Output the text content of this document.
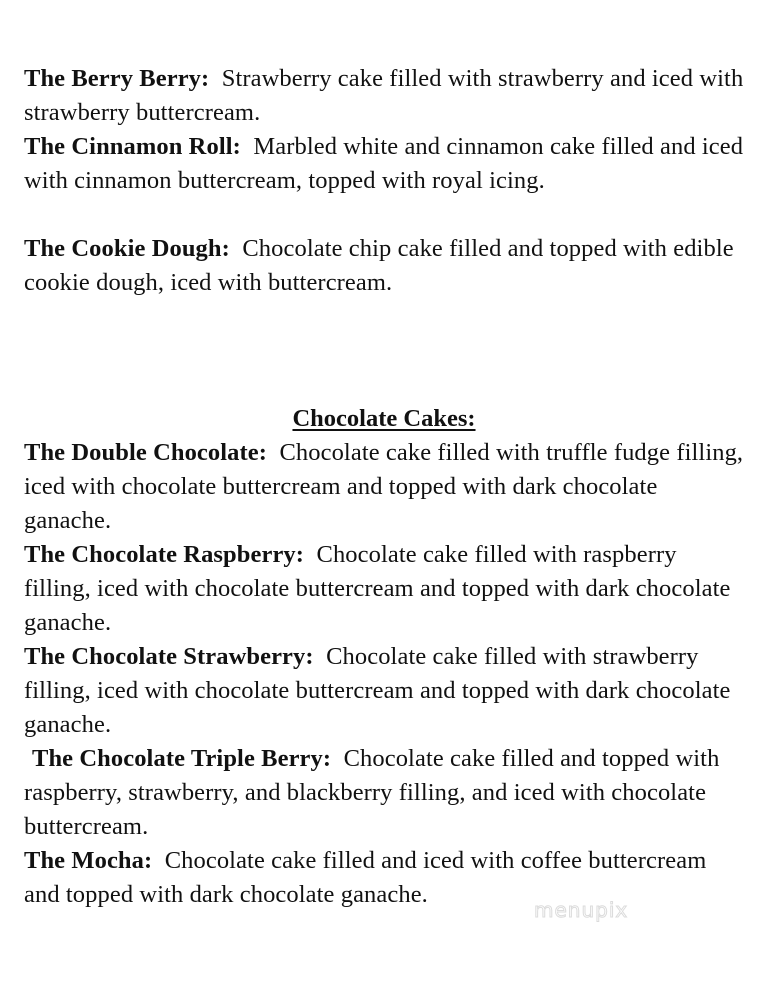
The Berry Berry: Strawberry cake filled with strawberry and iced with strawberry buttercream.

The Cinnamon Roll: Marbled white and cinnamon cake filled and iced with cinnamon buttercream, topped with royal icing.

The Cookie Dough: Chocolate chip cake filled and topped with edible cookie dough, iced with buttercream.

Chocolate Cakes:

The Double Chocolate: Chocolate cake filled with truffle fudge filling, iced with chocolate buttercream and topped with dark chocolate ganache.

The Chocolate Raspberry: Chocolate cake filled with raspberry filling, iced with chocolate buttercream and topped with dark chocolate ganache.

The Chocolate Strawberry: Chocolate cake filled with strawberry filling, iced with chocolate buttercream and topped with dark chocolate ganache.

The Chocolate Triple Berry: Chocolate cake filled and topped with raspberry, strawberry, and blackberry filling, and iced with chocolate buttercream.

The Mocha: Chocolate cake filled and iced with coffee buttercream and topped with dark chocolate ganache.

menupix
